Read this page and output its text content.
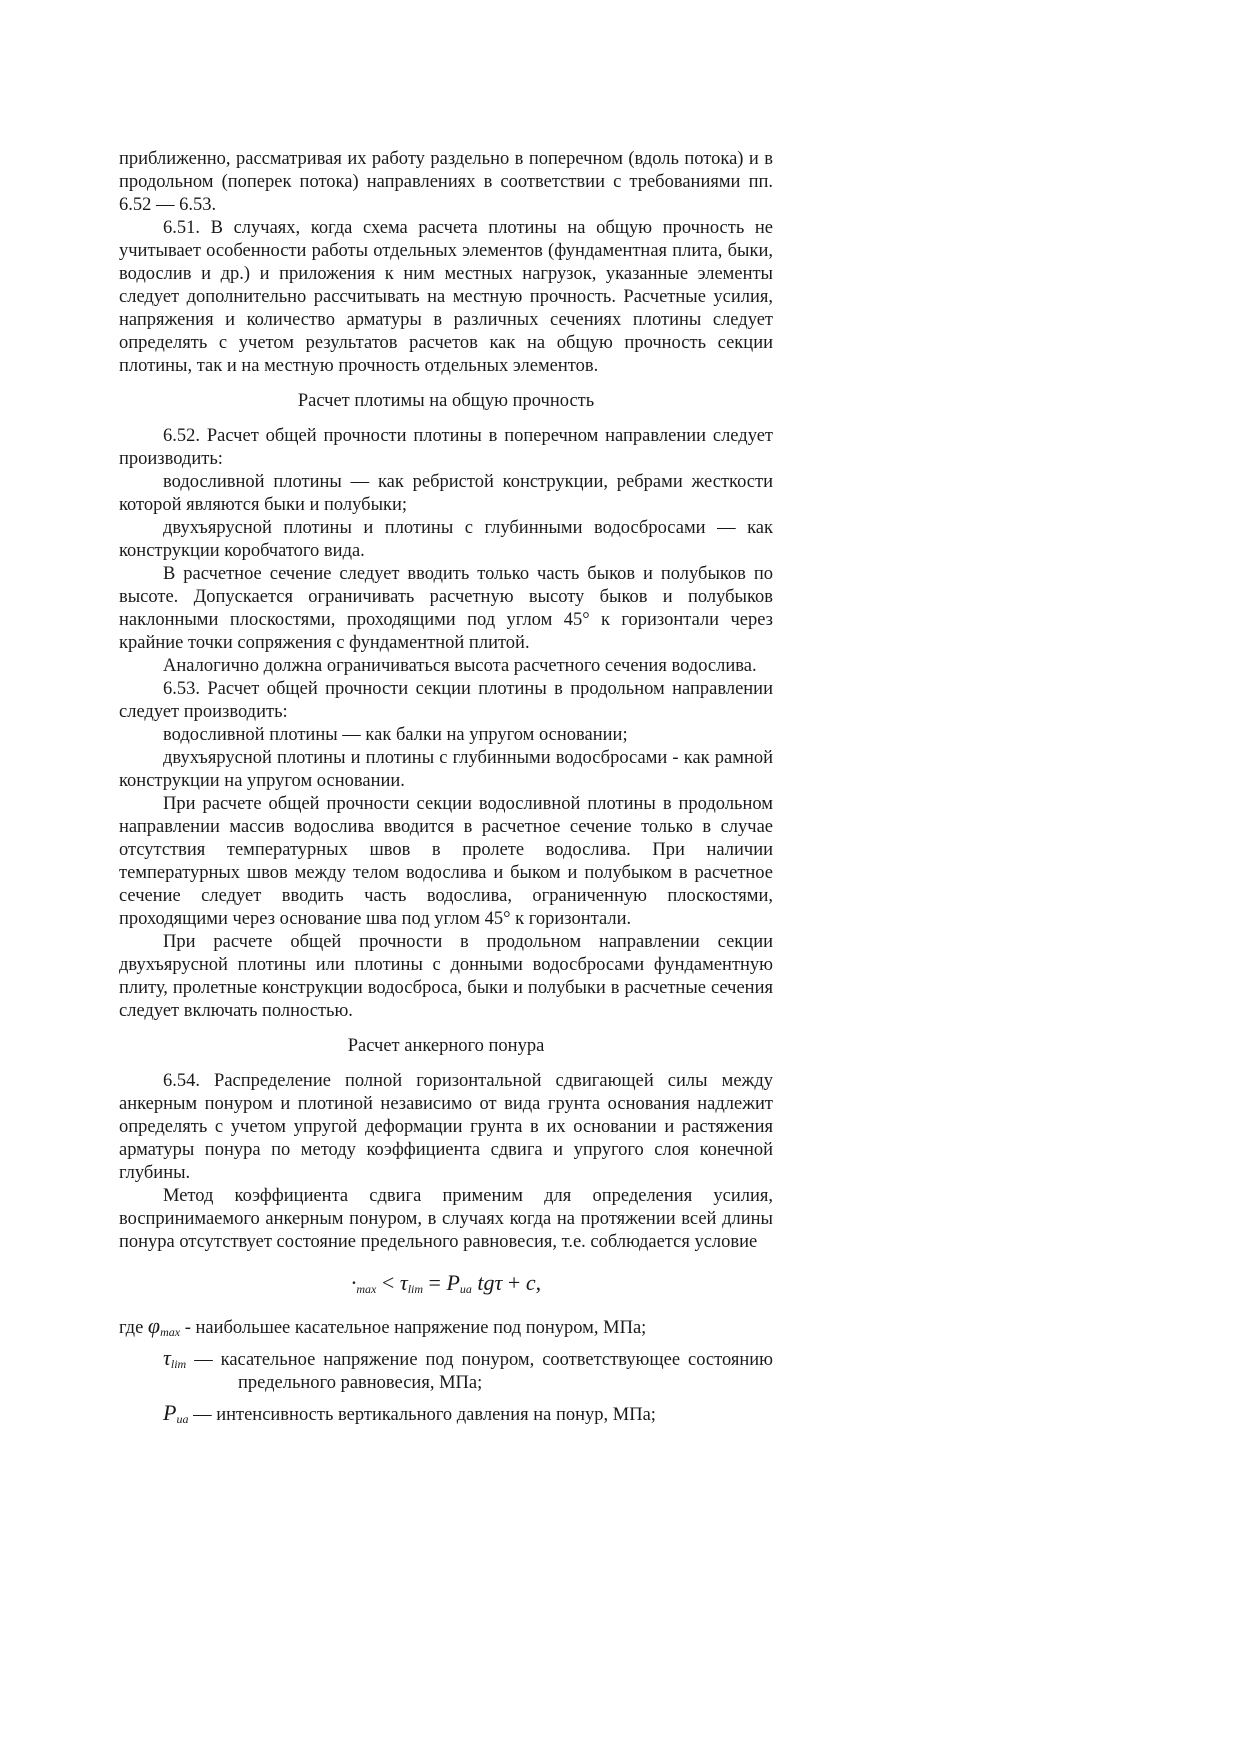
приближенно, рассматривая их работу раздельно в поперечном (вдоль потока) и в продольном (поперек потока) направлениях в соответствии с требованиями пп. 6.52 — 6.53.

6.51. В случаях, когда схема расчета плотины на общую прочность не учитывает особенности работы отдельных элементов (фундаментная плита, быки, водослив и др.) и приложения к ним местных нагрузок, указанные элементы следует дополнительно рассчитывать на местную прочность. Расчетные усилия, напряжения и количество арматуры в различных сечениях плотины следует определять с учетом результатов расчетов как на общую прочность секции плотины, так и на местную прочность отдельных элементов.

Расчет плотимы на общую прочность

6.52. Расчет общей прочности плотины в поперечном направлении следует производить:

водосливной плотины — как ребристой конструкции, ребрами жесткости которой являются быки и полубыки;

двухъярусной плотины и плотины с глубинными водосбросами — как конструкции коробчатого вида.

В расчетное сечение следует вводить только часть быков и полубыков по высоте. Допускается ограничивать расчетную высоту быков и полубыков наклонными плоскостями, проходящими под углом 45° к горизонтали через крайние точки сопряжения с фундаментной плитой.

Аналогично должна ограничиваться высота расчетного сечения водослива.

6.53. Расчет общей прочности секции плотины в продольном направлении следует производить:

водосливной плотины — как балки на упругом основании;

двухъярусной плотины и плотины с глубинными водосбросами - как рамной конструкции на упругом основании.

При расчете общей прочности секции водосливной плотины в продольном направлении массив водослива вводится в расчетное сечение только в случае отсутствия температурных швов в пролете водослива. При наличии температурных швов между телом водослива и быком и полубыком в расчетное сечение следует вводить часть водослива, ограниченную плоскостями, проходящими через основание шва под углом 45° к горизонтали.

При расчете общей прочности в продольном направлении секции двухъярусной плотины или плотины с донными водосбросами фундаментную плиту, пролетные конструкции водосброса, быки и полубыки в расчетные сечения следует включать полностью.

Расчет анкерного понура

6.54. Распределение полной горизонтальной сдвигающей силы между анкерным понуром и плотиной независимо от вида грунта основания надлежит определять с учетом упругой деформации грунта в их основании и растяжения арматуры понура по методу коэффициента сдвига и упругого слоя конечной глубины.

Метод коэффициента сдвига применим для определения усилия, воспринимаемого анкерным понуром, в случаях когда на протяжении всей длины понура отсутствует состояние предельного равновесия, т.е. соблюдается условие

$\cdot_{max} < \tau_{lim} = P_{ua}$ tgτ + c,

где $\varphi_{max}$ - наибольшее касательное напряжение под понуром, МПа;

$\tau_{lim}$ — касательное напряжение под понуром, соответствующее состоянию предельного равновесия, МПа;

$P_{ua}$ — интенсивность вертикального давления на понур, МПа;
